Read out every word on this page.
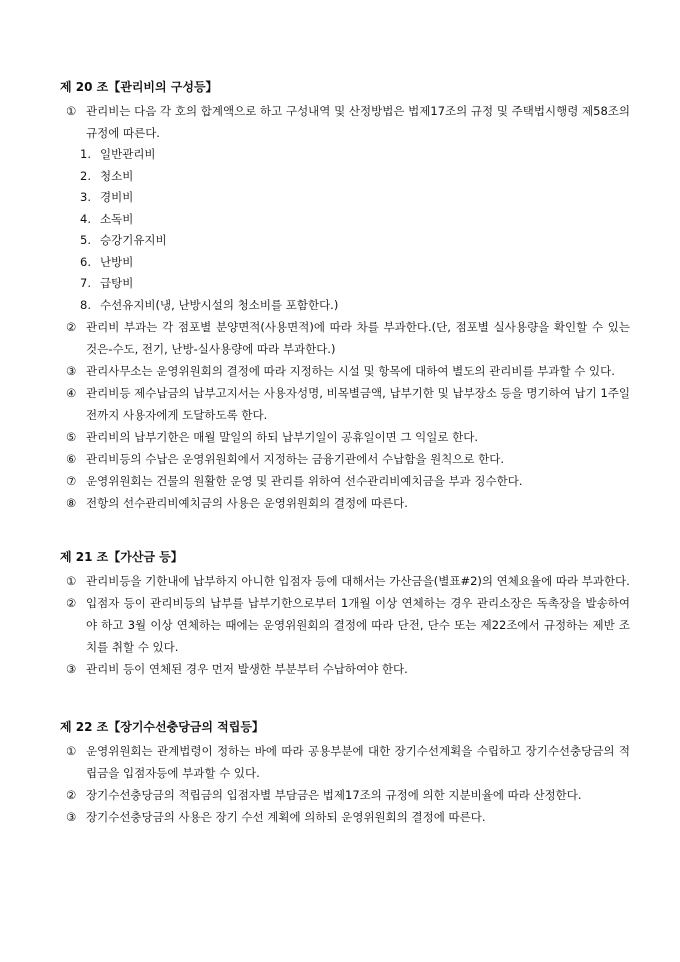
제 20 조【관리비의 구성등】
① 관리비는 다음 각 호의 합계액으로 하고 구성내역 및 산정방법은 법제17조의 규정 및 주택법시행령 제58조의 규정에 따른다.
1. 일반관리비
2. 청소비
3. 경비비
4. 소독비
5. 승강기유지비
6. 난방비
7. 급탕비
8. 수선유지비(냉, 난방시설의 청소비를 포함한다.)
② 관리비 부과는 각 점포별 분양면적(사용면적)에 따라 차를 부과한다.(단, 점포별 실사용량을 확인할 수 있는 것은-수도, 전기, 난방-실사용량에 따라 부과한다.)
③ 관리사무소는 운영위원회의 결정에 따라 지정하는 시설 및 항목에 대하여 별도의 관리비를 부과할 수 있다.
④ 관리비등 제수납금의 납부고지서는 사용자성명, 비목별금액, 납부기한 및 납부장소 등을 명기하여 납기 1주일 전까지 사용자에게 도달하도록 한다.
⑤ 관리비의 납부기한은 매월 말일의 하되 납부기일이 공휴일이면 그 익일로 한다.
⑥ 관리비등의 수납은 운영위원회에서 지정하는 금융기관에서 수납함을 원칙으로 한다.
⑦ 운영위원회는 건물의 원활한 운영 및 관리를 위하여 선수관리비예치금을 부과 징수한다.
⑧ 전항의 선수관리비예치금의 사용은 운영위원회의 결정에 따른다.
제 21 조【가산금 등】
① 관리비등을 기한내에 납부하지 아니한 입점자 등에 대해서는 가산금을(별표#2)의 연체요율에 따라 부과한다.
② 입점자 등이 관리비등의 납부를 납부기한으로부터 1개월 이상 연체하는 경우 관리소장은 독촉장을 발송하여야 하고 3월 이상 연체하는 때에는 운영위원회의 결정에 따라 단전, 단수 또는 제22조에서 규정하는 제반 조치를 취할 수 있다.
③ 관리비 등이 연체된 경우 먼저 발생한 부분부터 수납하여야 한다.
제 22 조【장기수선충당금의 적립등】
① 운영위원회는 관계법령이 정하는 바에 따라 공용부분에 대한 장기수선계획을 수립하고 장기수선충당금의 적립금을 입점자등에 부과할 수 있다.
② 장기수선충당금의 적립금의 입점자별 부담금은 법제17조의 규정에 의한 지분비율에 따라 산정한다.
③ 장기수선충당금의 사용은 장기 수선 계획에 의하되 운영위원회의 결정에 따른다.
